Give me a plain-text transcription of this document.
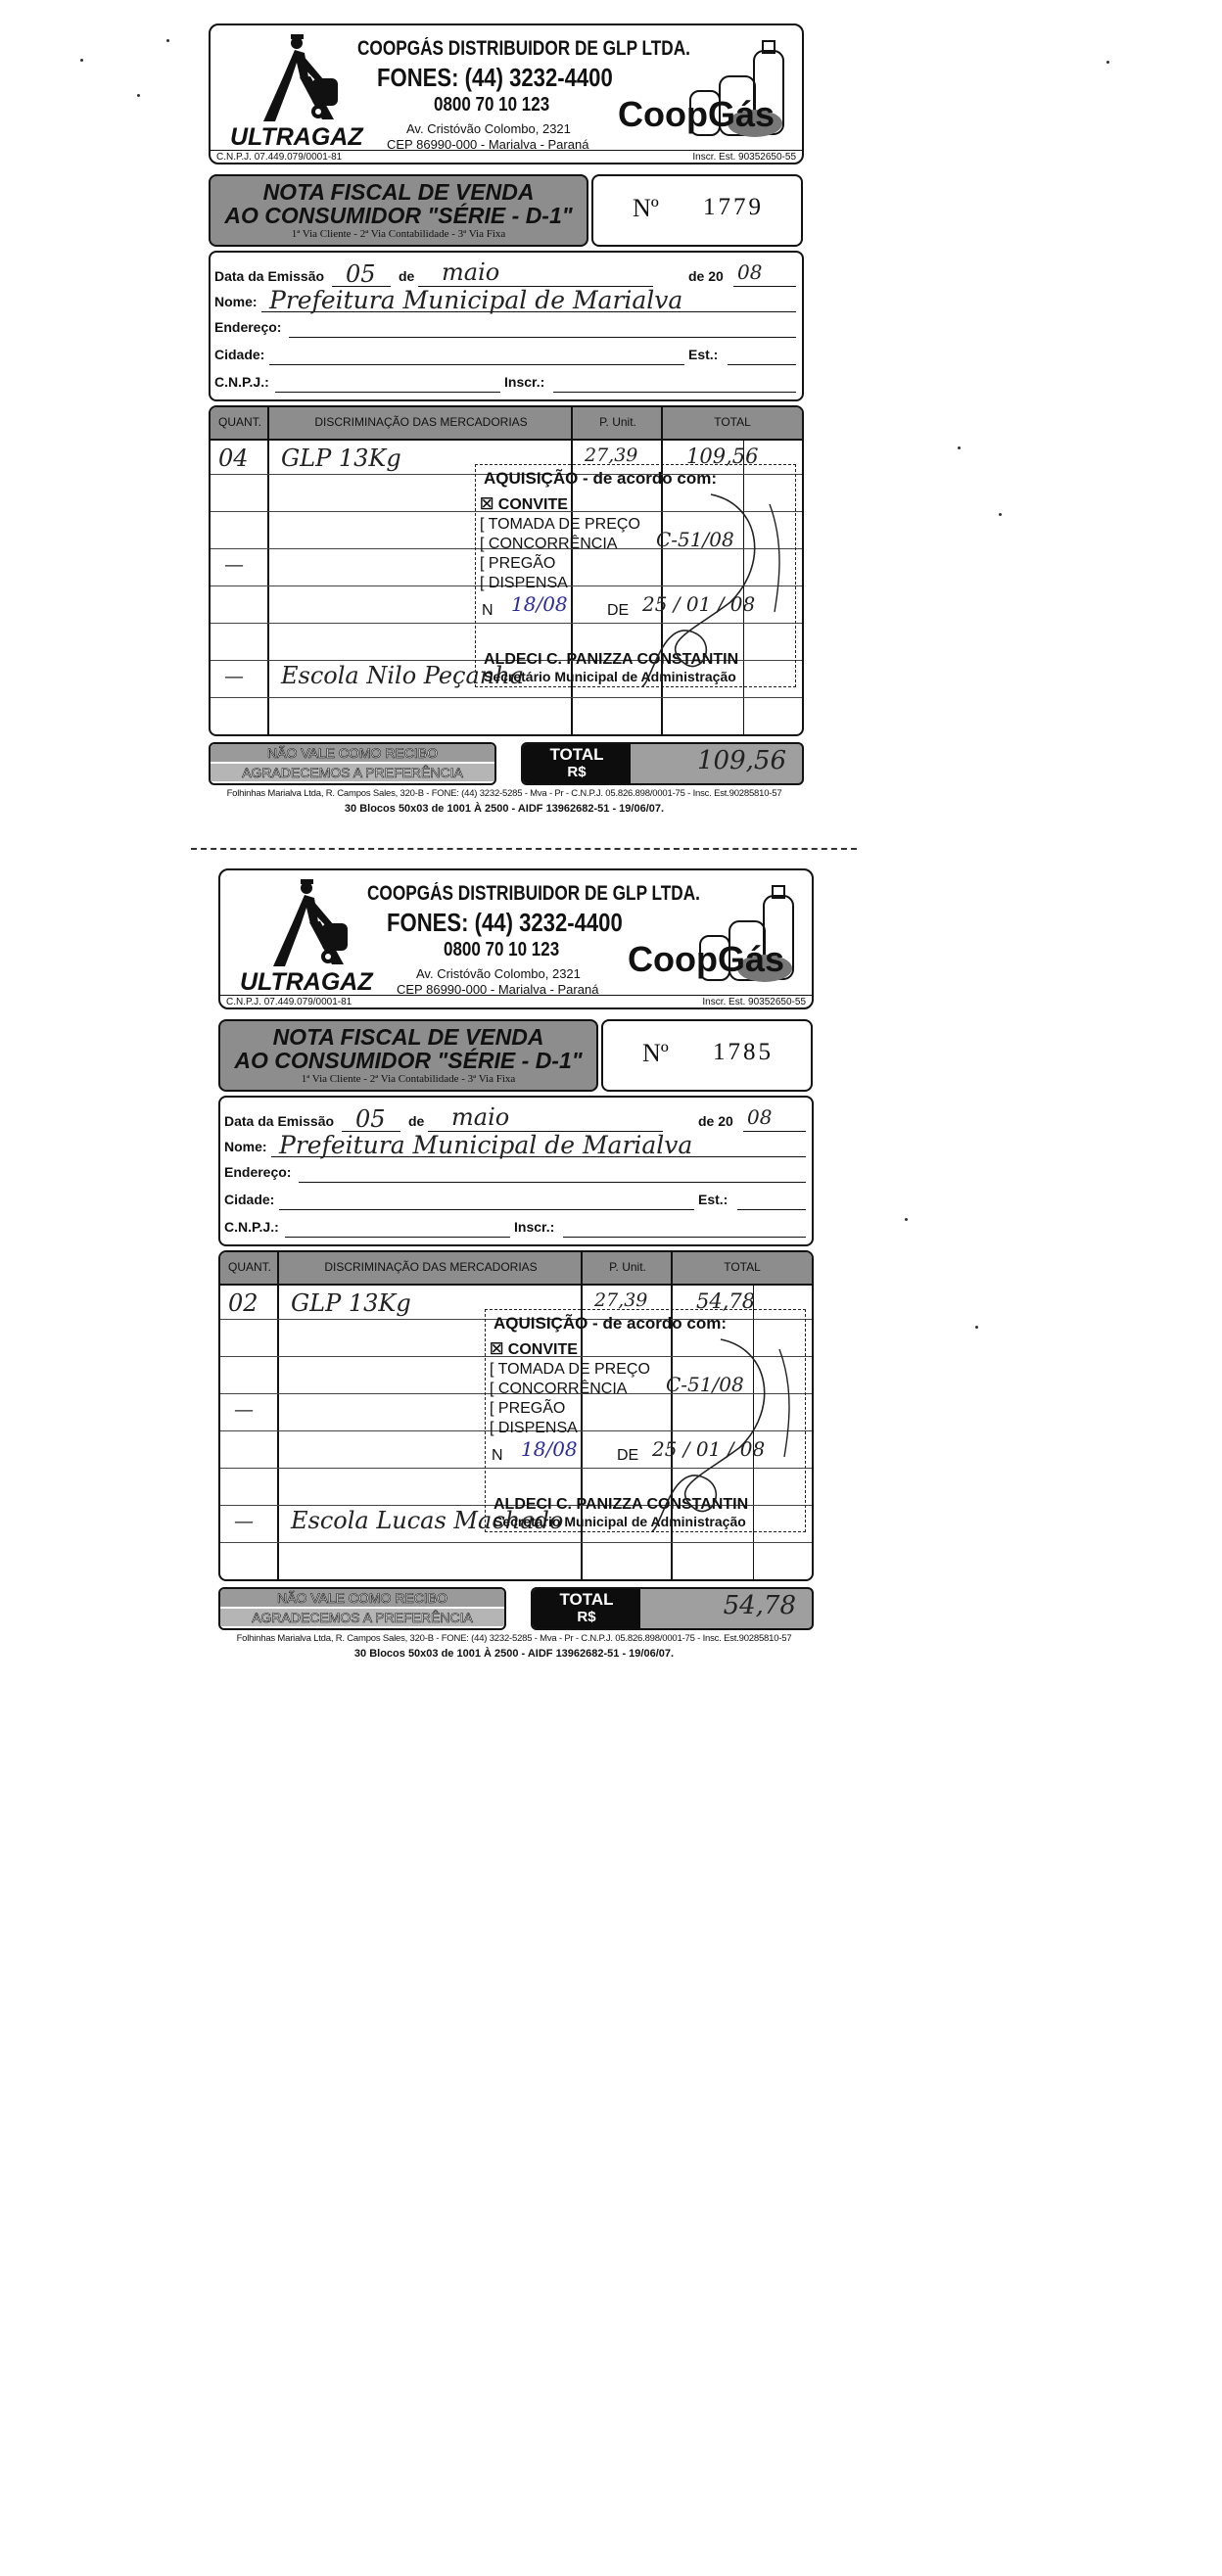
ULTRAGAZ
COOPGÁS DISTRIBUIDOR DE GLP LTDA.
FONES: (44) 3232-4400
0800 70 10 123
Av. Cristóvão Colombo, 2321
CEP 86990-000 - Marialva - Paraná
CoopGás
C.N.P.J. 07.449.079/0001-81	Inscr. Est. 90352650-55
NOTA FISCAL DE VENDA
AO CONSUMIDOR "SÉRIE - D-1"
1ª Via Cliente - 2ª Via Contabilidade - 3ª Via Fixa
Nº 1779
Data da Emissão 05 de maio	de 20 08
Nome: Prefeitura Municipal de Marialva
Endereço:
Cidade:	Est.:
C.N.P.J.:	Inscr.:
QUANT.	DISCRIMINAÇÃO DAS MERCADORIAS	P. Unit.	TOTAL
04 GLP 13Kg	27,39 109,56
—
— Escola Nilo Peçanha
AQUISIÇÃO - de acordo com:
☒ CONVITE
[ TOMADA DE PREÇO
[ CONCORRÊNCIA C-51/08
[ PREGÃO
[ DISPENSA
N 18/08	DE 25 / 01 / 08
ALDECI C. PANIZZA CONSTANTIN
Secretário Municipal de Administração
NÃO VALE COMO RECIBO
AGRADECEMOS A PREFERÊNCIA
TOTAL
R$	109,56
Folhinhas Marialva Ltda, R. Campos Sales, 320-B - FONE: (44) 3232-5285 - Mva - Pr - C.N.P.J. 05.826.898/0001-75 - Insc. Est.90285810-57
30 Blocos 50x03 de 1001 À 2500 - AIDF 13962682-51 - 19/06/07.
ULTRAGAZ
COOPGÁS DISTRIBUIDOR DE GLP LTDA.
FONES: (44) 3232-4400
0800 70 10 123
Av. Cristóvão Colombo, 2321
CEP 86990-000 - Marialva - Paraná
CoopGás
C.N.P.J. 07.449.079/0001-81	Inscr. Est. 90352650-55
NOTA FISCAL DE VENDA
AO CONSUMIDOR "SÉRIE - D-1"
1ª Via Cliente - 2ª Via Contabilidade - 3ª Via Fixa
Nº 1785
Data da Emissão 05 de maio	de 20 08
Nome: Prefeitura Municipal de Marialva
Endereço:
Cidade:	Est.:
C.N.P.J.:	Inscr.:
QUANT.	DISCRIMINAÇÃO DAS MERCADORIAS	P. Unit.	TOTAL
02 GLP 13Kg	27,39 54,78
—
— Escola Lucas Machado
AQUISIÇÃO - de acordo com:
☒ CONVITE
[ TOMADA DE PREÇO
[ CONCORRÊNCIA C-51/08
[ PREGÃO
[ DISPENSA
N 18/08	DE 25 / 01 / 08
ALDECI C. PANIZZA CONSTANTIN
Secretário Municipal de Administração
NÃO VALE COMO RECIBO
AGRADECEMOS A PREFERÊNCIA
TOTAL
R$	54,78
Folhinhas Marialva Ltda, R. Campos Sales, 320-B - FONE: (44) 3232-5285 - Mva - Pr - C.N.P.J. 05.826.898/0001-75 - Insc. Est.90285810-57
30 Blocos 50x03 de 1001 À 2500 - AIDF 13962682-51 - 19/06/07.
